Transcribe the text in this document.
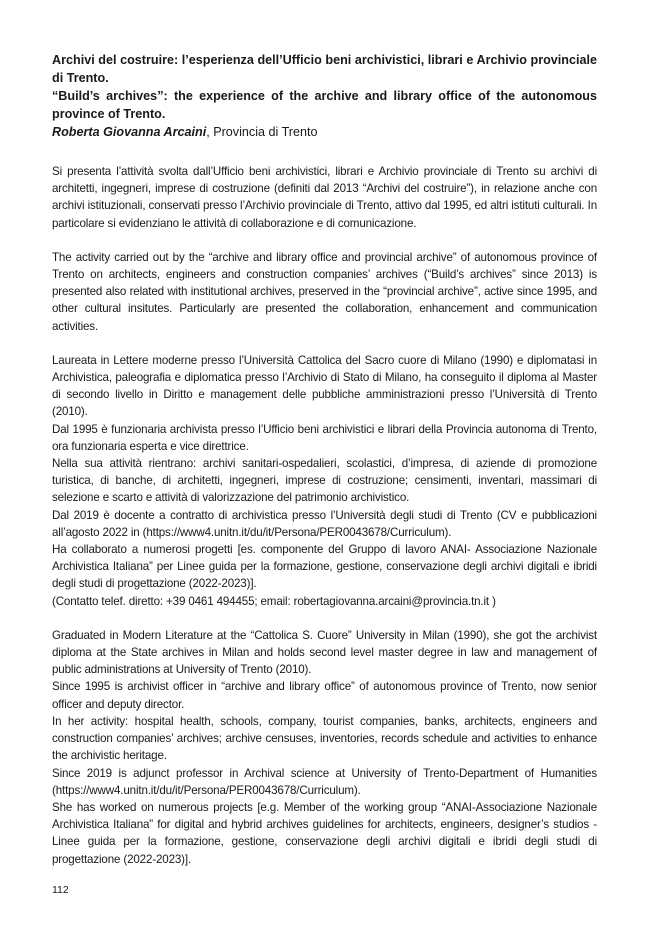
Archivi del costruire: l’esperienza dell’Ufficio beni archivistici, librari e Archivio provinciale di Trento.

“Build’s archives”: the experience of the archive and library office of the autonomous province of Trento.

Roberta Giovanna Arcaini, Provincia di Trento

Si presenta l’attività svolta dall’Ufficio beni archivistici, librari e Archivio provinciale di Trento su archivi di architetti, ingegneri, imprese di costruzione (definiti dal 2013 “Archivi del costruire”), in relazione anche con archivi istituzionali, conservati presso l’Archivio provinciale di Trento, attivo dal 1995, ed altri istituti culturali. In particolare si evidenziano le attività di collaborazione e di comunicazione.

The activity carried out by the “archive and library office and provincial archive” of autonomous province of Trento on architects, engineers and construction companies’ archives (“Build’s archives” since 2013) is presented also related with institutional archives, preserved in the “provincial archive”, active since 1995, and other cultural insitutes. Particularly are presented the collaboration, enhancement and communication activities.

Laureata in Lettere moderne presso l’Università Cattolica del Sacro cuore di Milano (1990) e diplomatasi in Archivistica, paleografia e diplomatica presso l’Archivio di Stato di Milano, ha conseguito il diploma al Master di secondo livello in Diritto e management delle pubbliche amministrazioni presso l’Università di Trento (2010).

Dal 1995 è funzionaria archivista presso l’Ufficio beni archivistici e librari della Provincia autonoma di Trento, ora funzionaria esperta e vice direttrice.

Nella sua attività rientrano: archivi sanitari-ospedalieri, scolastici, d’impresa, di aziende di promozione turistica, di banche, di architetti, ingegneri, imprese di costruzione; censimenti, inventari, massimari di selezione e scarto e attività di valorizzazione del patrimonio archivistico.

Dal 2019 è docente a contratto di archivistica presso l’Università degli studi di Trento (CV e pubblicazioni all’agosto 2022 in (https://www4.unitn.it/du/it/Persona/PER0043678/Curriculum).

Ha collaborato a numerosi progetti [es. componente del Gruppo di lavoro ANAI- Associazione Nazionale Archivistica Italiana” per Linee guida per la formazione, gestione, conservazione degli archivi digitali e ibridi degli studi di progettazione (2022-2023)].

(Contatto telef. diretto: +39 0461 494455; email: robertagiovanna.arcaini@provincia.tn.it )

Graduated in Modern Literature at the “Cattolica S. Cuore” University in Milan (1990), she got the archivist diploma at the State archives in Milan and holds second level master degree in law and management of public administrations at University of Trento (2010).

Since 1995 is archivist officer in “archive and library office” of autonomous province of Trento, now senior officer and deputy director.

In her activity: hospital health, schools, company, tourist companies, banks, architects, engineers and construction companies’ archives; archive censuses, inventories, records schedule and activities to enhance the archivistic heritage.

Since 2019 is adjunct professor in Archival science at University of Trento-Department of Humanities (https://www4.unitn.it/du/it/Persona/PER0043678/Curriculum).

She has worked on numerous projects [e.g. Member of the working group “ANAI-Associazione Nazionale Archivistica Italiana” for digital and hybrid archives guidelines for architects, engineers, designer’s studios - Linee guida per la formazione, gestione, conservazione degli archivi digitali e ibridi degli studi di progettazione (2022-2023)].

112
